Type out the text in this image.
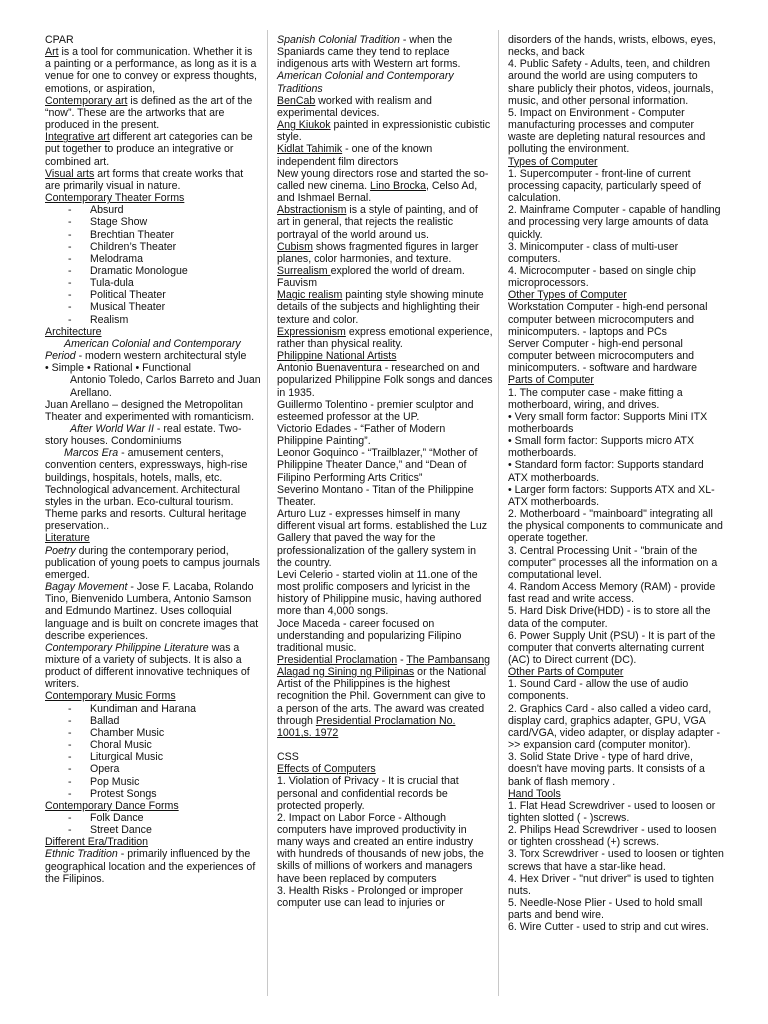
CPAR

Art is a tool for communication. Whether it is a painting or a performance, as long as it is a venue for one to convey or express thoughts, emotions, or aspiration,

Contemporary art is defined as the art of the “now”. These are the artworks that are produced in the present.

Integrative art different art categories can be put together to produce an integrative or combined art.

Visual arts art forms that create works that are primarily visual in nature.

Contemporary Theater Forms

- Absurd
- Stage Show
- Brechtian Theater
- Children’s Theater
- Melodrama
- Dramatic Monologue
- Tula-dula
- Political Theater
- Musical Theater
- Realism

Architecture

American Colonial and Contemporary Period - modern western architectural style

• Simple • Rational • Functional

Antonio Toledo, Carlos Barreto and Juan Arellano.

Juan Arellano – designed the Metropolitan Theater and experimented with romanticism.

After World War II - real estate. Two-story houses. Condominiums

Marcos Era - amusement centers, convention centers, expressways, high-rise buildings, hospitals, hotels, malls, etc. Technological advancement. Architectural styles in the urban. Eco-cultural tourism. Theme parks and resorts. Cultural heritage preservation..

Literature

Poetry during the contemporary period, publication of young poets to campus journals emerged.

Bagay Movement - Jose F. Lacaba, Rolando Tino, Bienvenido Lumbera, Antonio Samson and Edmundo Martinez. Uses colloquial language and is built on concrete images that describe experiences.

Contemporary Philippine Literature was a mixture of a variety of subjects. It is also a product of different innovative techniques of writers.

Contemporary Music Forms

- Kundiman and Harana
- Ballad
- Chamber Music
- Choral Music
- Liturgical Music
- Opera
- Pop Music
- Protest Songs

Contemporary Dance Forms

- Folk Dance
- Street Dance

Different Era/Tradition

Ethnic Tradition - primarily influenced by the geographical location and the experiences of the Filipinos.

Spanish Colonial Tradition - when the Spaniards came they tend to replace indigenous arts with Western art forms.

American Colonial and Contemporary Traditions

BenCab worked with realism and experimental devices.

Ang Kiukok painted in expressionistic cubistic style.

Kidlat Tahimik - one of the known independent film directors

New young directors rose and started the so-called new cinema. Lino Brocka, Celso Ad, and Ishmael Bernal.

Abstractionism is a style of painting, and of art in general, that rejects the realistic portrayal of the world around us.

Cubism shows fragmented figures in larger planes, color harmonies, and texture.

Surrealism explored the world of dream.

Fauvism

Magic realism painting style showing minute details of the subjects and highlighting their texture and color.

Expressionism express emotional experience, rather than physical reality.

Philippine National Artists

Antonio Buenaventura - researched on and popularized Philippine Folk songs and dances in 1935.

Guillermo Tolentino - premier sculptor and esteemed professor at the UP.

Victorio Edades - “Father of Modern Philippine Painting”.

Leonor Goquinco - “Trailblazer,” “Mother of Philippine Theater Dance,” and “Dean of Filipino Performing Arts Critics”

Severino Montano - Titan of the Philippine Theater.

Arturo Luz - expresses himself in many different visual art forms. established the Luz Gallery that paved the way for the professionalization of the gallery system in the country.

Levi Celerio - started violin at 11.one of the most prolific composers and lyricist in the history of Philippine music, having authored more than 4,000 songs.

Joce Maceda - career focused on understanding and popularizing Filipino traditional music.

Presidential Proclamation - The Pambansang Alagad ng Sining ng Pilipinas or the National Artist of the Philippines is the highest recognition the Phil. Government can give to a person of the arts. The award was created through Presidential Proclamation No. 1001,s. 1972

CSS

Effects of Computers

1. Violation of Privacy - It is crucial that personal and confidential records be protected properly.

2. Impact on Labor Force - Although computers have improved productivity in many ways and created an entire industry with hundreds of thousands of new jobs, the skills of millions of workers and managers have been replaced by computers

3. Health Risks - Prolonged or improper computer use can lead to injuries or

disorders of the hands, wrists, elbows, eyes, necks, and back

4. Public Safety - Adults, teen, and children around the world are using computers to share publicly their photos, videos, journals, music, and other personal information.

5. Impact on Environment - Computer manufacturing processes and computer waste are depleting natural resources and polluting the environment.

Types of Computer

1. Supercomputer - front-line of current processing capacity, particularly speed of calculation.

2. Mainframe Computer - capable of handling and processing very large amounts of data quickly.

3. Minicomputer - class of multi-user computers.

4. Microcomputer - based on single chip microprocessors.

Other Types of Computer

Workstation Computer - high-end personal computer between microcomputers and minicomputers. - laptops and PCs

Server Computer - high-end personal computer between microcomputers and minicomputers. - software and hardware

Parts of Computer

1. The computer case - make fitting a motherboard, wiring, and drives.

• Very small form factor: Supports Mini ITX motherboards

• Small form factor: Supports micro ATX motherboards.

• Standard form factor: Supports standard ATX motherboards.

• Larger form factors: Supports ATX and XL-ATX motherboards.

2. Motherboard - "mainboard" integrating all the physical components to communicate and operate together.

3. Central Processing Unit - "brain of the computer" processes all the information on a computational level.

4. Random Access Memory (RAM) - provide fast read and write access.

5. Hard Disk Drive(HDD) - is to store all the data of the computer.

6. Power Supply Unit (PSU) - It is part of the computer that converts alternating current (AC) to Direct current (DC).

Other Parts of Computer

1. Sound Card - allow the use of audio components.

2. Graphics Card - also called a video card, display card, graphics adapter, GPU, VGA card/VGA, video adapter, or display adapter ->> expansion card (computer monitor).

3. Solid State Drive - type of hard drive, doesn't have moving parts. It consists of a bank of flash memory .

Hand Tools

1. Flat Head Screwdriver - used to loosen or tighten slotted ( - )screws.

2. Philips Head Screwdriver - used to loosen or tighten crosshead (+) screws.

3. Torx Screwdriver - used to loosen or tighten screws that have a star-like head.

4. Hex Driver - "nut driver" is used to tighten nuts.

5. Needle-Nose Plier - Used to hold small parts and bend wire.

6. Wire Cutter - used to strip and cut wires.
